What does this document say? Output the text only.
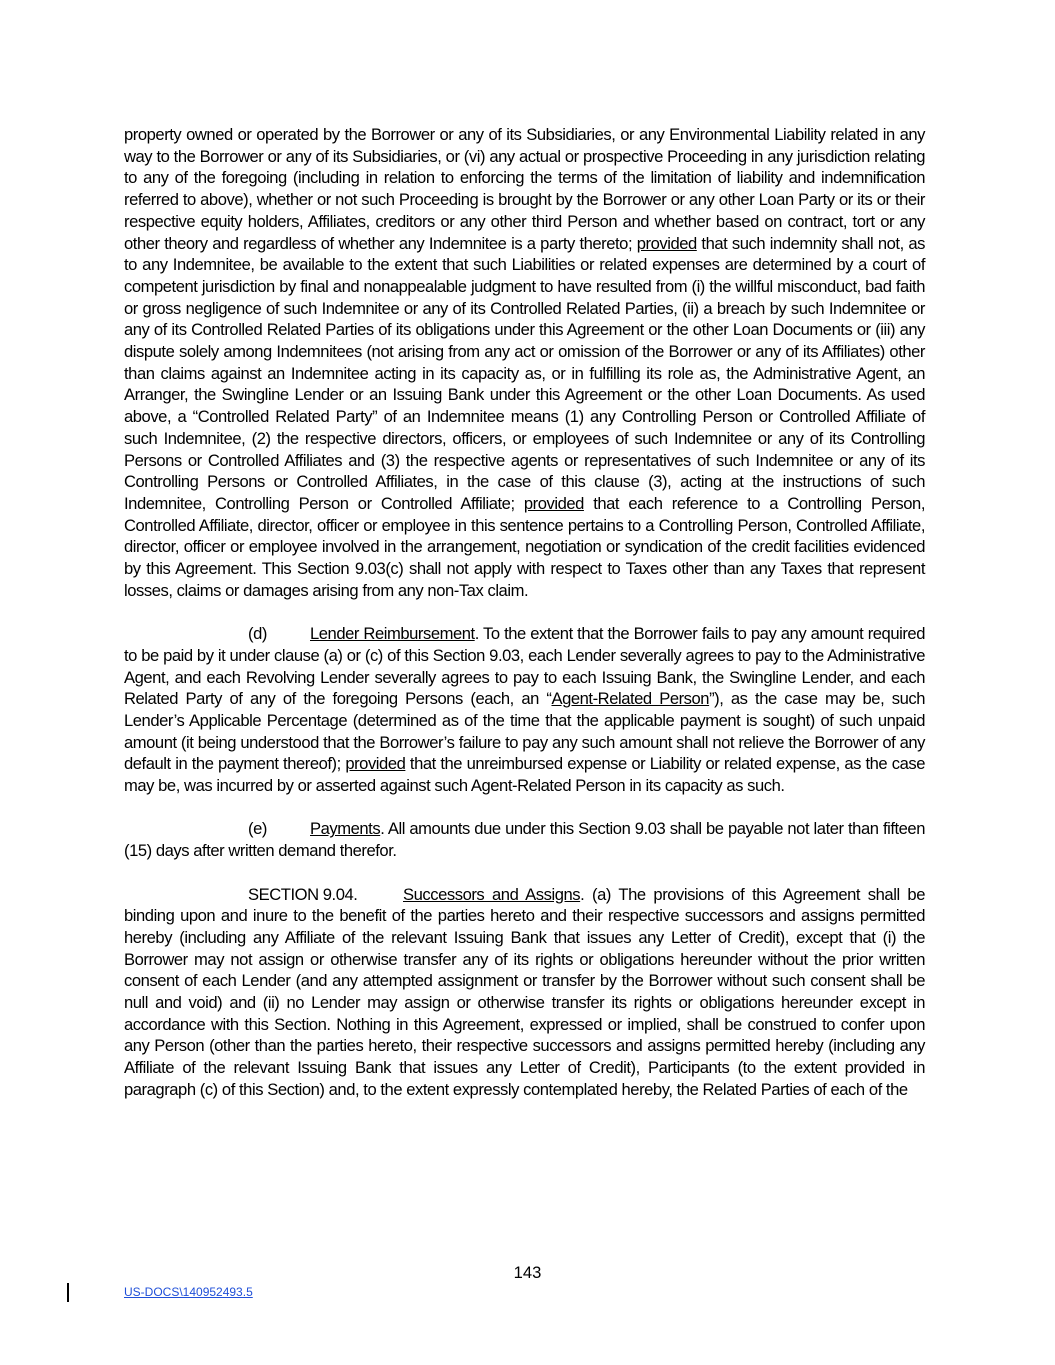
property owned or operated by the Borrower or any of its Subsidiaries, or any Environmental Liability related in any way to the Borrower or any of its Subsidiaries, or (vi) any actual or prospective Proceeding in any jurisdiction relating to any of the foregoing (including in relation to enforcing the terms of the limitation of liability and indemnification referred to above), whether or not such Proceeding is brought by the Borrower or any other Loan Party or its or their respective equity holders, Affiliates, creditors or any other third Person and whether based on contract, tort or any other theory and regardless of whether any Indemnitee is a party thereto; provided that such indemnity shall not, as to any Indemnitee, be available to the extent that such Liabilities or related expenses are determined by a court of competent jurisdiction by final and nonappealable judgment to have resulted from (i) the willful misconduct, bad faith or gross negligence of such Indemnitee or any of its Controlled Related Parties, (ii) a breach by such Indemnitee or any of its Controlled Related Parties of its obligations under this Agreement or the other Loan Documents or (iii) any dispute solely among Indemnitees (not arising from any act or omission of the Borrower or any of its Affiliates) other than claims against an Indemnitee acting in its capacity as, or in fulfilling its role as, the Administrative Agent, an Arranger, the Swingline Lender or an Issuing Bank under this Agreement or the other Loan Documents. As used above, a “Controlled Related Party” of an Indemnitee means (1) any Controlling Person or Controlled Affiliate of such Indemnitee, (2) the respective directors, officers, or employees of such Indemnitee or any of its Controlling Persons or Controlled Affiliates and (3) the respective agents or representatives of such Indemnitee or any of its Controlling Persons or Controlled Affiliates, in the case of this clause (3), acting at the instructions of such Indemnitee, Controlling Person or Controlled Affiliate; provided that each reference to a Controlling Person, Controlled Affiliate, director, officer or employee in this sentence pertains to a Controlling Person, Controlled Affiliate, director, officer or employee involved in the arrangement, negotiation or syndication of the credit facilities evidenced by this Agreement. This Section 9.03(c) shall not apply with respect to Taxes other than any Taxes that represent losses, claims or damages arising from any non-Tax claim.

(d)	Lender Reimbursement. To the extent that the Borrower fails to pay any amount required to be paid by it under clause (a) or (c) of this Section 9.03, each Lender severally agrees to pay to the Administrative Agent, and each Revolving Lender severally agrees to pay to each Issuing Bank, the Swingline Lender, and each Related Party of any of the foregoing Persons (each, an “Agent-Related Person”), as the case may be, such Lender’s Applicable Percentage (determined as of the time that the applicable payment is sought) of such unpaid amount (it being understood that the Borrower’s failure to pay any such amount shall not relieve the Borrower of any default in the payment thereof); provided that the unreimbursed expense or Liability or related expense, as the case may be, was incurred by or asserted against such Agent-Related Person in its capacity as such.

(e)	Payments. All amounts due under this Section 9.03 shall be payable not later than fifteen (15) days after written demand therefor.

SECTION 9.04.	Successors and Assigns. (a) The provisions of this Agreement shall be binding upon and inure to the benefit of the parties hereto and their respective successors and assigns permitted hereby (including any Affiliate of the relevant Issuing Bank that issues any Letter of Credit), except that (i) the Borrower may not assign or otherwise transfer any of its rights or obligations hereunder without the prior written consent of each Lender (and any attempted assignment or transfer by the Borrower without such consent shall be null and void) and (ii) no Lender may assign or otherwise transfer its rights or obligations hereunder except in accordance with this Section. Nothing in this Agreement, expressed or implied, shall be construed to confer upon any Person (other than the parties hereto, their respective successors and assigns permitted hereby (including any Affiliate of the relevant Issuing Bank that issues any Letter of Credit), Participants (to the extent provided in paragraph (c) of this Section) and, to the extent expressly contemplated hereby, the Related Parties of each of the

143
US-DOCS\140952493.5
